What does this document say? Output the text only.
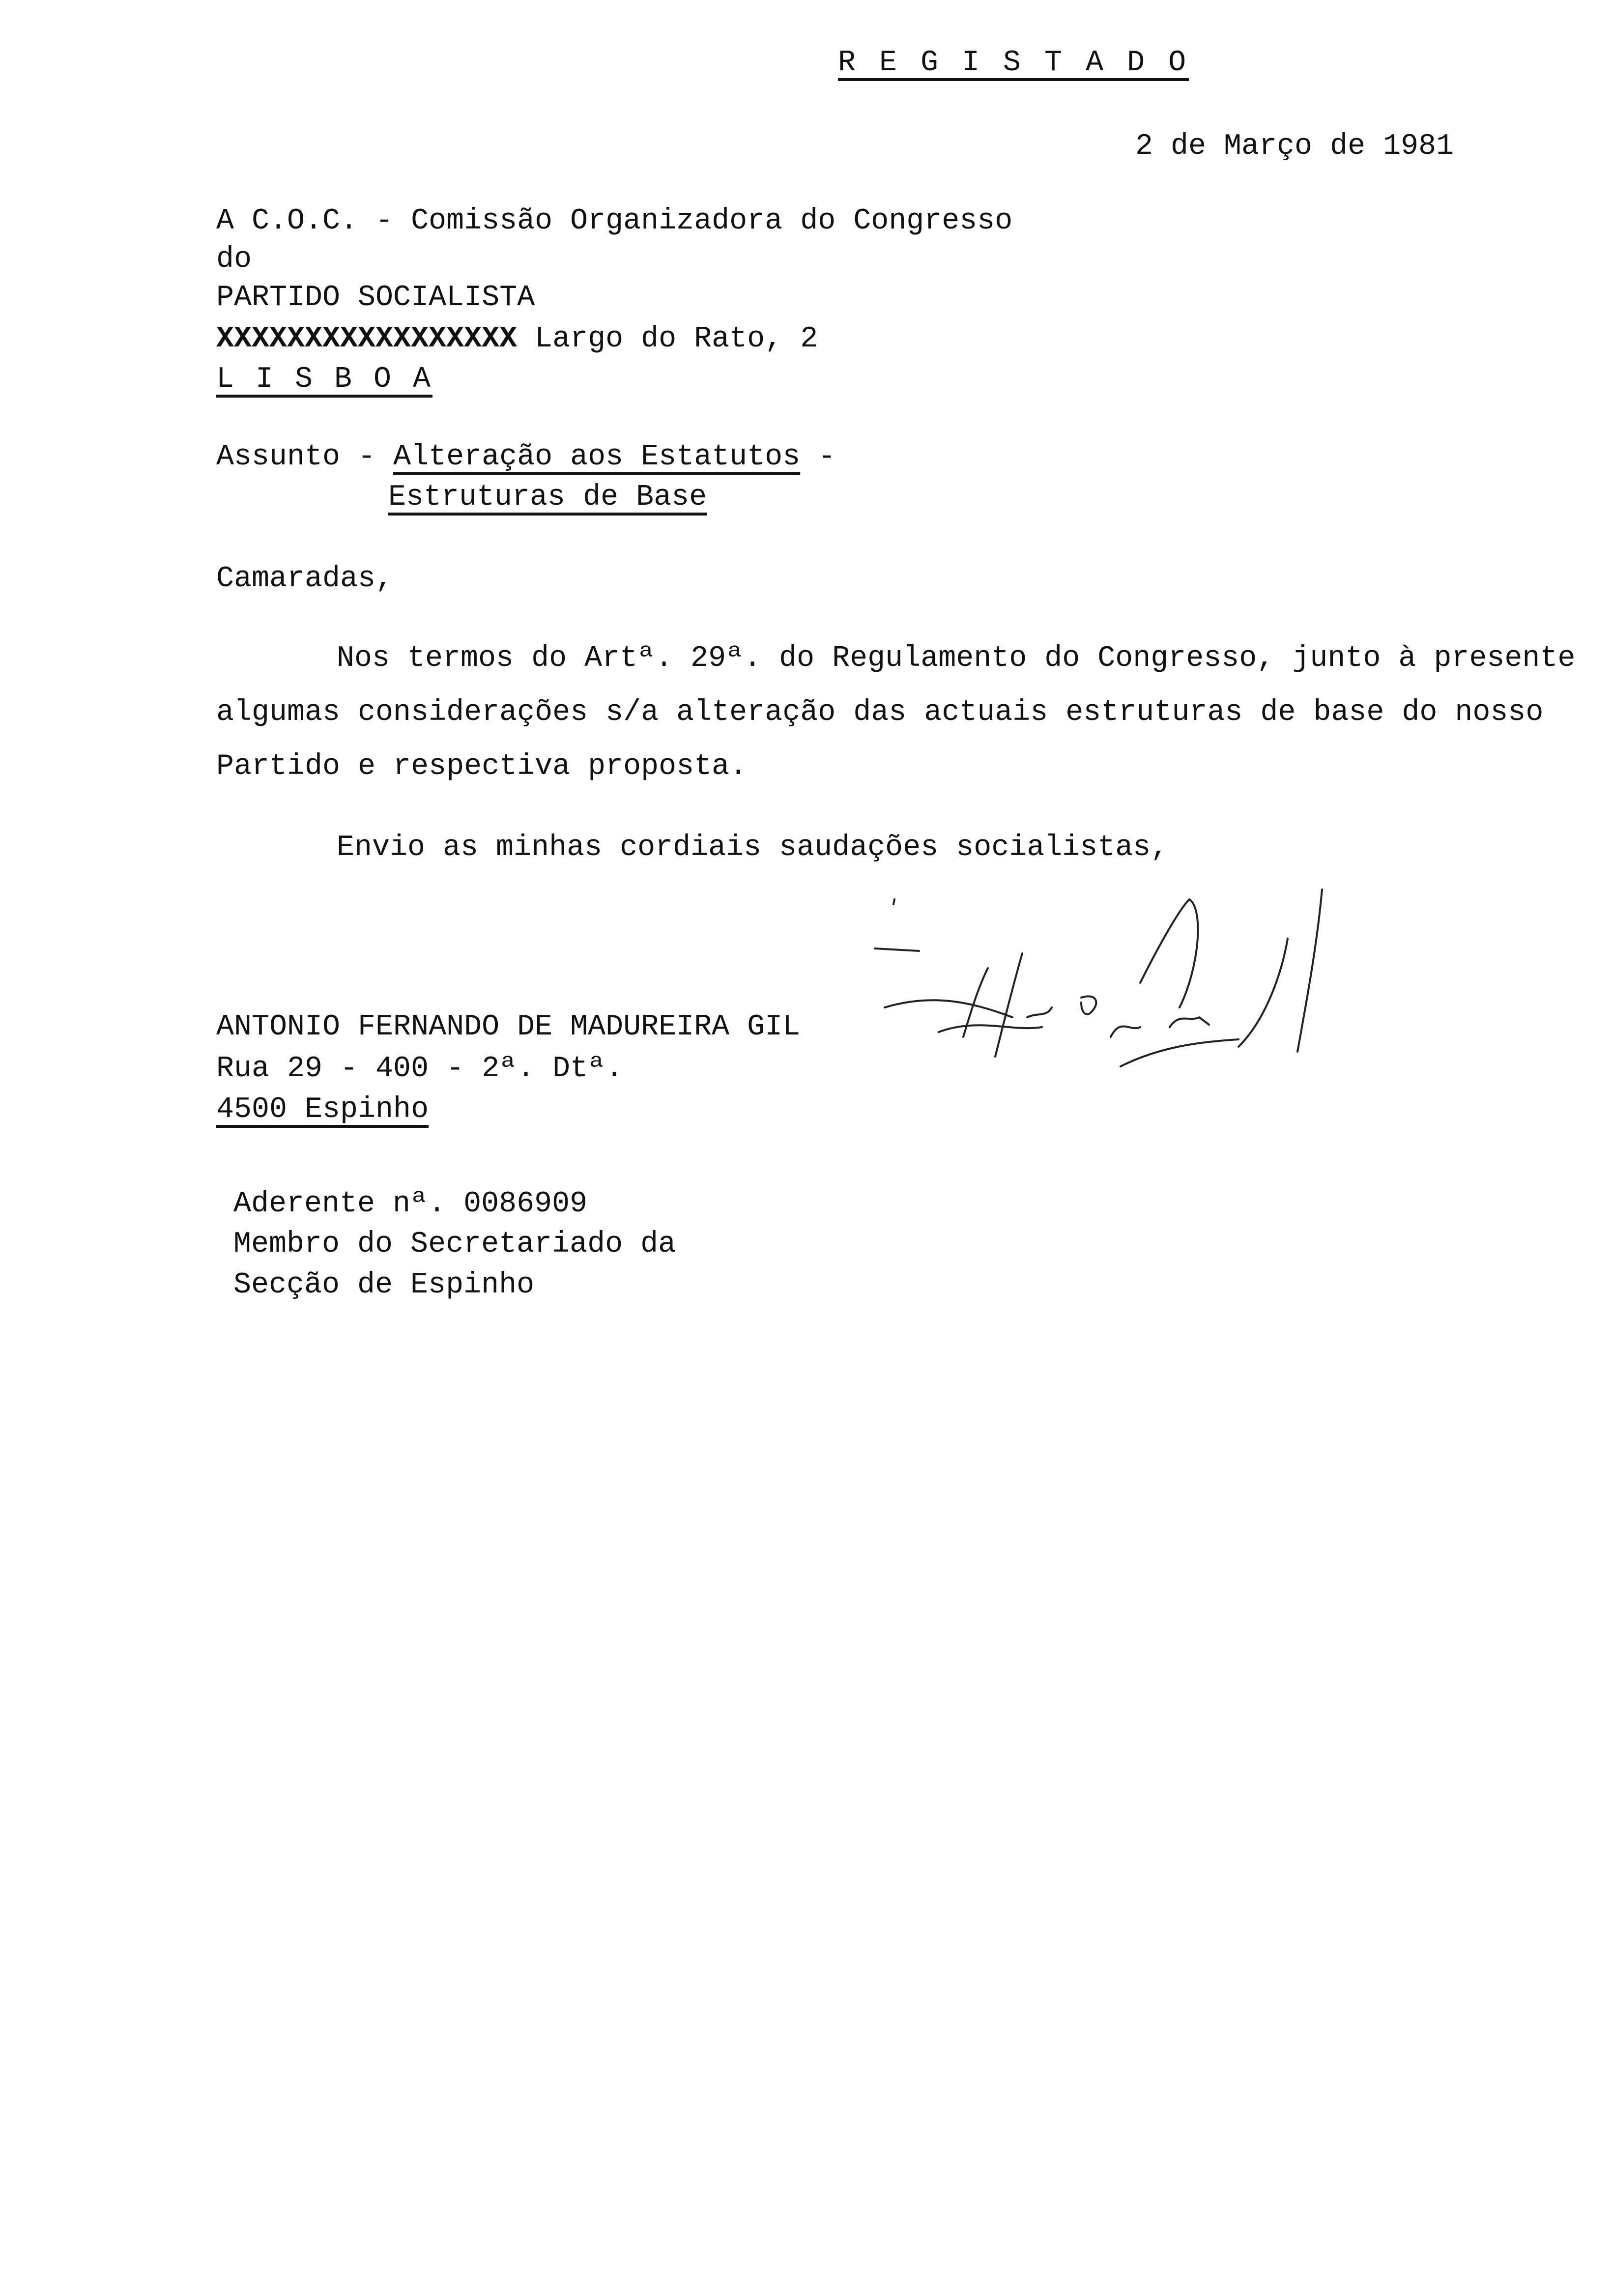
R E G I S T A D O
2 de Março de 1981
A C.O.C. - Comissão Organizadora do Congresso
do
PARTIDO SOCIALISTA
XXXXXXXXXXXXXXXXX Largo do Rato, 2
L I S B O A
Assunto - Alteração aos Estatutos -
Estruturas de Base
Camaradas,
Nos termos do Artª. 29ª. do Regulamento do Congresso, junto à presente
algumas considerações s/a alteração das actuais estruturas de base do nosso
Partido e respectiva proposta.
Envio as minhas cordiais saudações socialistas,
ANTONIO FERNANDO DE MADUREIRA GIL
Rua 29 - 400 - 2ª. Dtª.
4500 Espinho
Aderente nª. 0086909
Membro do Secretariado da
Secção de Espinho
